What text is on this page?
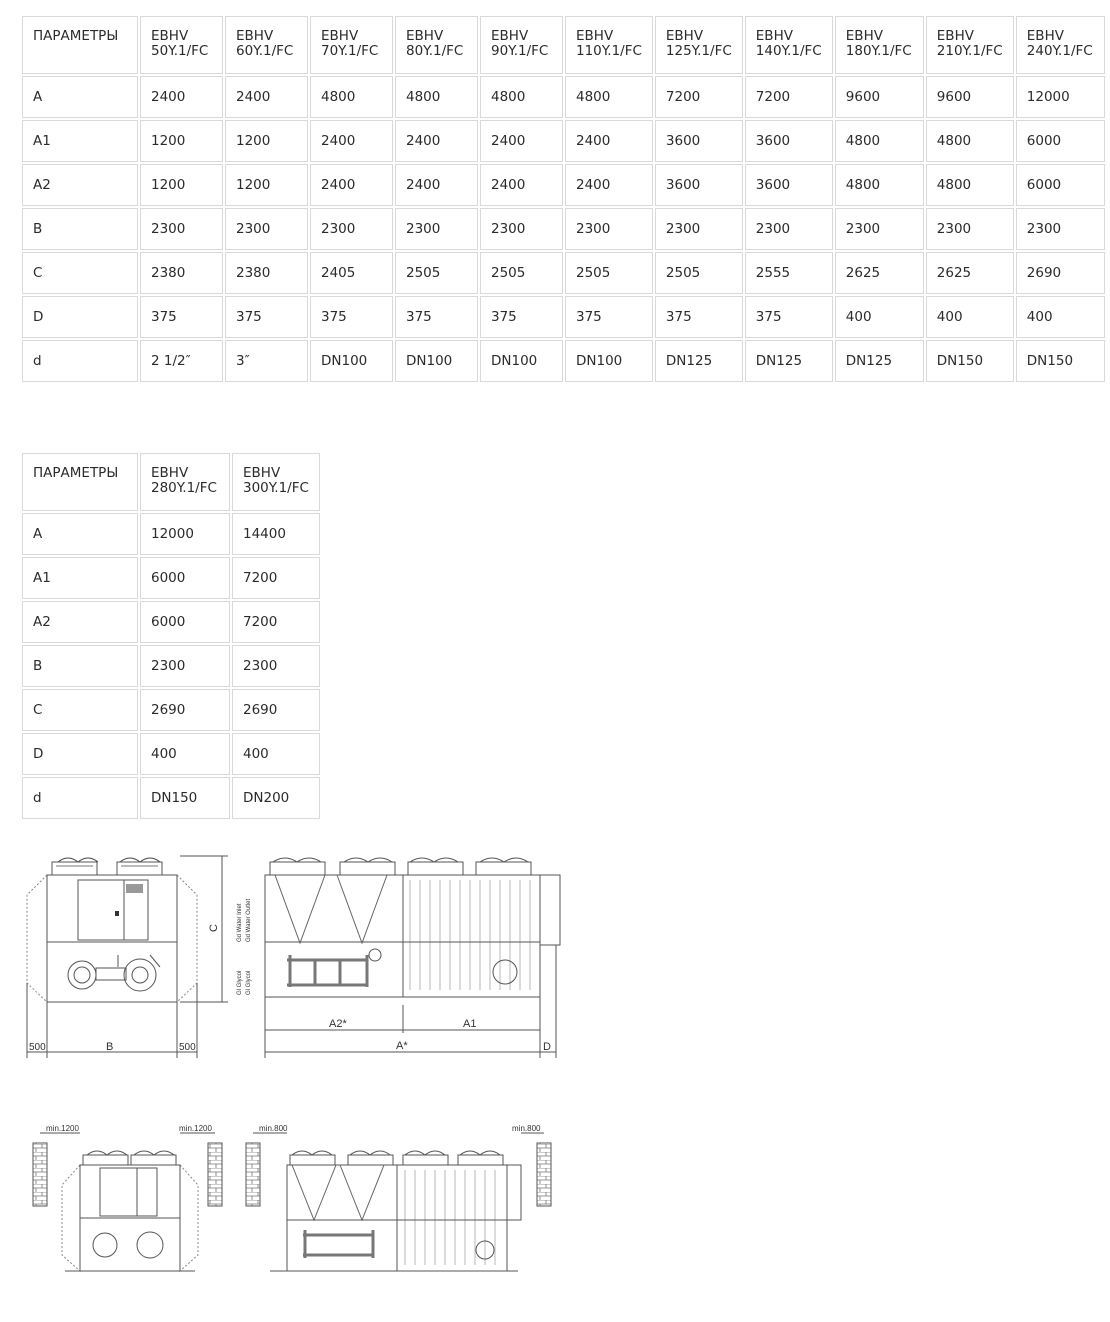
ПАРАМЕТРЫ	EBHV 50Y.1/FC	EBHV 60Y.1/FC	EBHV 70Y.1/FC	EBHV 80Y.1/FC	EBHV 90Y.1/FC	EBHV 110Y.1/FC	EBHV 125Y.1/FC	EBHV 140Y.1/FC	EBHV 180Y.1/FC	EBHV 210Y.1/FC	EBHV 240Y.1/FC
A	2400	2400	4800	4800	4800	4800	7200	7200	9600	9600	12000
A1	1200	1200	2400	2400	2400	2400	3600	3600	4800	4800	6000
A2	1200	1200	2400	2400	2400	2400	3600	3600	4800	4800	6000
B	2300	2300	2300	2300	2300	2300	2300	2300	2300	2300	2300
C	2380	2380	2405	2505	2505	2505	2505	2555	2625	2625	2690
D	375	375	375	375	375	375	375	375	400	400	400
d	2 1/2″	3″	DN100	DN100	DN100	DN100	DN125	DN125	DN125	DN150	DN150
ПАРАМЕТРЫ	EBHV 280Y.1/FC	EBHV 300Y.1/FC
A	12000	14400
A1	6000	7200
A2	6000	7200
B	2300	2300
C	2690	2690
D	400	400
d	DN150	DN200
500	B	500
C
A2*	A1
A*	D
Gd Water Inlet Gd Water Outlet
Gl Glycol Gl Glycol
min.1200	min.1200	min.800	min.800
